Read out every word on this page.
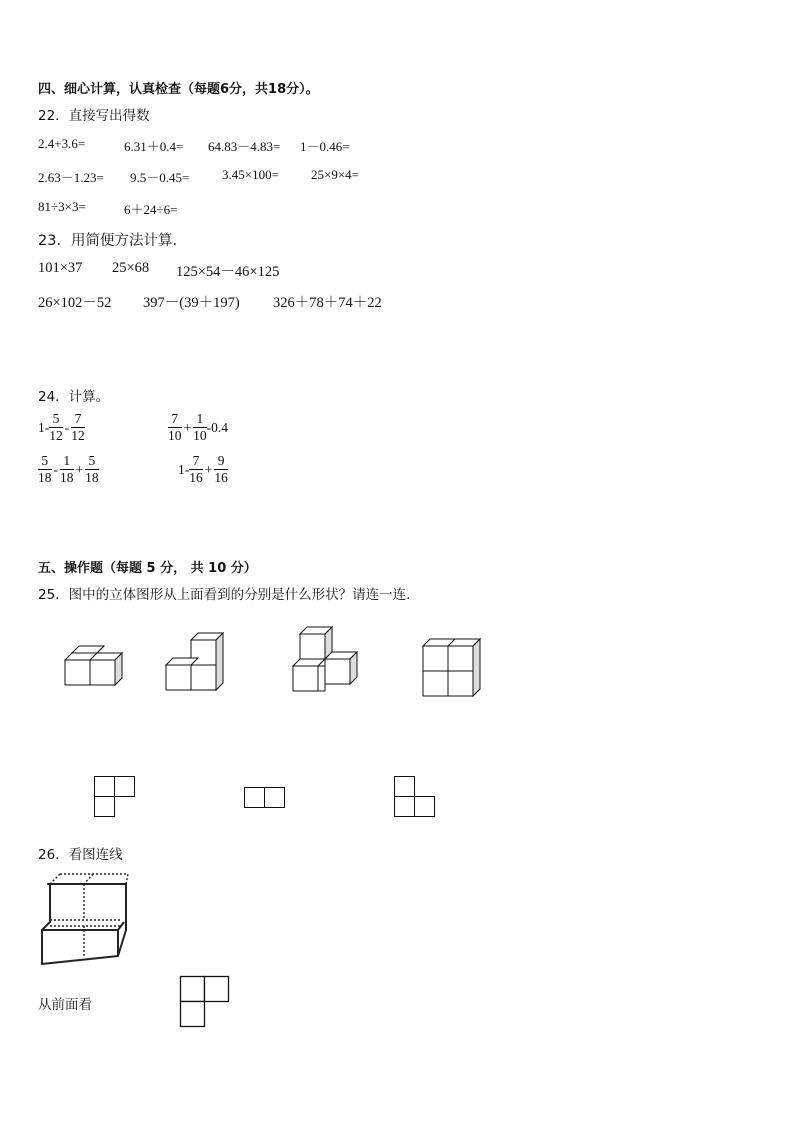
四、细心计算，认真检查（每题6分，共18分）。
22．直接写出得数
2.4+3.6=	6.31＋0.4= 64.83－4.83= 1－0.46=
2.63－1.23= 9.5－0.45=	3.45×100= 25×9×4=
81÷3×3=	6＋24÷6=
23．用简便方法计算.
101×37 25×68 125×54－46×125
26×102－52 397－(39＋197) 326＋78＋74＋22
24．计算。
$1- \frac{5}{12} - \frac{7}{12}$	$\frac{7}{10} + \frac{1}{10} -0.4$
$\frac{5}{18} - \frac{1}{18} + \frac{5}{18}$	$1- \frac{7}{16} + \frac{9}{16}$
五、操作题（每题 5 分， 共 10 分）
25．图中的立体图形从上面看到的分别是什么形状？请连一连.
26．看图连线
从前面看
